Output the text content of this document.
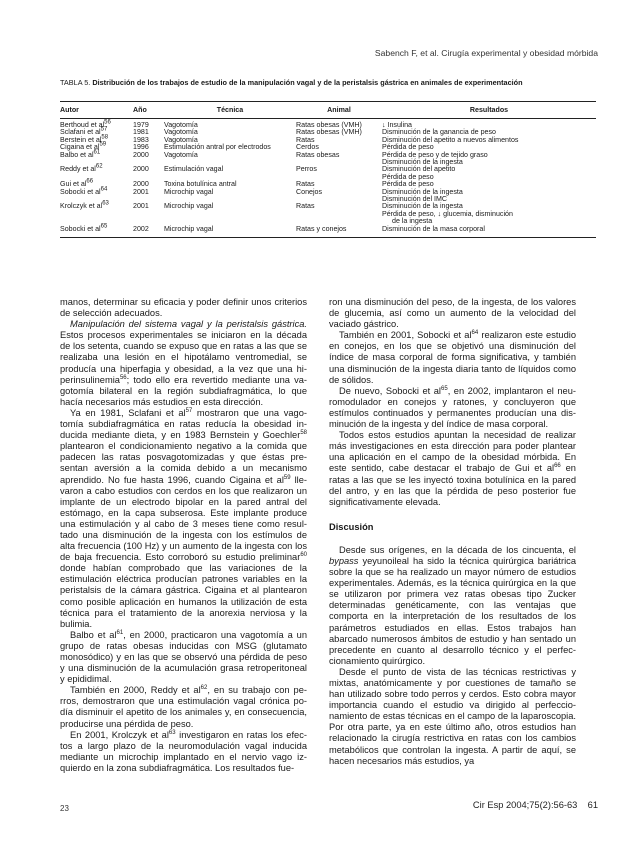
Sabench F, et al. Cirugía experimental y obesidad mórbida
TABLA 5. Distribución de los trabajos de estudio de la manipulación vagal y de la peristalsis gástrica en animales de experimentación
Autor	Año	Técnica	Animal	Resultados

Berthoud et $al^{56}$	1979	Vagotomía	Ratas obesas (VMH)	↓ Insulina
Sclafani et $al^{57}$	1981	Vagotomía	Ratas obesas (VMH)	Disminución de la ganancia de peso
Berstein et $al^{58}$	1983	Vagotomía	Ratas	Disminución del apetito a nuevos alimentos
Cigaina et $al^{59}$	1996	Estimulación antral por electrodos	Cerdos	Pérdida de peso
Balbo et $al^{61}$	2000	Vagotomía	Ratas obesas	Pérdida de peso y de tejido graso
				Disminución de la ingesta
Reddy et $al^{62}$	2000	Estimulación vagal	Perros	Disminución del apetito
				Pérdida de peso
Gui et $al^{66}$	2000	Toxina botulínica antral	Ratas	Pérdida de peso
Sobocki et $al^{64}$	2001	Microchip vagal	Conejos	Disminución de la ingesta
				Disminución del IMC
Krolczyk et $al^{63}$	2001	Microchip vagal	Ratas	Disminución de la ingesta
				Pérdida de peso, ↓ glucemia, disminución
				de la ingesta
Sobocki et $al^{65}$	2002	Microchip vagal	Ratas y conejos	Disminución de la masa corporal

manos, determinar su eficacia y poder definir unos criterios de selección adecuados.

Manipulación del sistema vagal y la peristalsis gástrica. Estos procesos experimentales se iniciaron en la década de los setenta, cuando se expuso que en ratas a las que se realizaba una lesión en el hipotálamo ventromedial, se producía una hiperfagia y obesidad, a la vez que una hiperinsulinemia$^{56}$; todo ello era revertido mediante una vagotomía bilateral en la región subdiafragmática, lo que hacía necesarios más estudios en esta dirección.

Ya en 1981, Sclafani et $al^{57}$ mostraron que una vagotomía subdiafragmática en ratas reducía la obesidad inducida mediante dieta, y en 1983 Bernstein y Goechler$^{58}$ plantearon el condicionamiento negativo a la comida que padecen las ratas posvagotomizadas y que éstas presentan aversión a la comida debido a un mecanismo aprendido. No fue hasta 1996, cuando Cigaina et $al^{59}$ llevaron a cabo estudios con cerdos en los que realizaron un implante de un electrodo bipolar en la pared antral del estómago, en la capa subserosa. Este implante produce una estimulación y al cabo de 3 meses tiene como resultado una disminución de la ingesta con los estímulos de alta frecuencia (100 Hz) y un aumento de la ingesta con los de baja frecuencia. Esto corroboró su estudio preliminar$^{60}$ donde habían comprobado que las variaciones de la estimulación eléctrica producían patrones variables en la peristalsis de la cámara gástrica. Cigaina et al plantearon como posible aplicación en humanos la utilización de esta técnica para el tratamiento de la anorexia nerviosa y la bulimia.

Balbo et $al^{61}$, en 2000, practicaron una vagotomía a un grupo de ratas obesas inducidas con MSG (glutamato monosódico) y en las que se observó una pérdida de peso y una disminución de la acumulación grasa retroperitoneal y epididimal.

También en 2000, Reddy et $al^{62}$, en su trabajo con perros, demostraron que una estimulación vagal crónica podía disminuir el apetito de los animales y, en consecuencia, producirse una pérdida de peso.

En 2001, Krolczyk et $al^{63}$ investigaron en ratas los efectos a largo plazo de la neuromodulación vagal inducida mediante un microchip implantado en el nervio vago izquierdo en la zona subdiafragmática. Los resultados fue-

ron una disminución del peso, de la ingesta, de los valores de glucemia, así como un aumento de la velocidad del vaciado gástrico.

También en 2001, Sobocki et $al^{64}$ realizaron este estudio en conejos, en los que se objetivó una disminución del índice de masa corporal de forma significativa, y también una disminución de la ingesta diaria tanto de líquidos como de sólidos.

De nuevo, Sobocki et $al^{65}$, en 2002, implantaron el neuromodulador en conejos y ratones, y concluyeron que estímulos continuados y permanentes producían una disminución de la ingesta y del índice de masa corporal.

Todos estos estudios apuntan la necesidad de realizar más investigaciones en esta dirección para poder plantear una aplicación en el campo de la obesidad mórbida. En este sentido, cabe destacar el trabajo de Gui et $al^{66}$ en ratas a las que se les inyectó toxina botulínica en la pared del antro, y en las que la pérdida de peso posterior fue significativamente elevada.

Discusión

Desde sus orígenes, en la década de los cincuenta, el bypass yeyunoileal ha sido la técnica quirúrgica bariátrica sobre la que se ha realizado un mayor número de estudios experimentales. Además, es la técnica quirúrgica en la que se utilizaron por primera vez ratas obesas tipo Zucker determinadas genéticamente, con las ventajas que comporta en la interpretación de los resultados de los parámetros estudiados en ellas. Estos trabajos han abarcado numerosos ámbitos de estudio y han sentado un precedente en cuanto al desarrollo técnico y el perfeccionamiento quirúrgico.

Desde el punto de vista de las técnicas restrictivas y mixtas, anatómicamente y por cuestiones de tamaño se han utilizado sobre todo perros y cerdos. Esto cobra mayor importancia cuando el estudio va dirigido al perfeccionamiento de estas técnicas en el campo de la laparoscopia. Por otra parte, ya en este último año, otros estudios han relacionado la cirugía restrictiva en ratas con los cambios metabólicos que controlan la ingesta. A partir de aquí, se hacen necesarios más estudios, ya

23	Cir Esp 2004;75(2):56-63 61
